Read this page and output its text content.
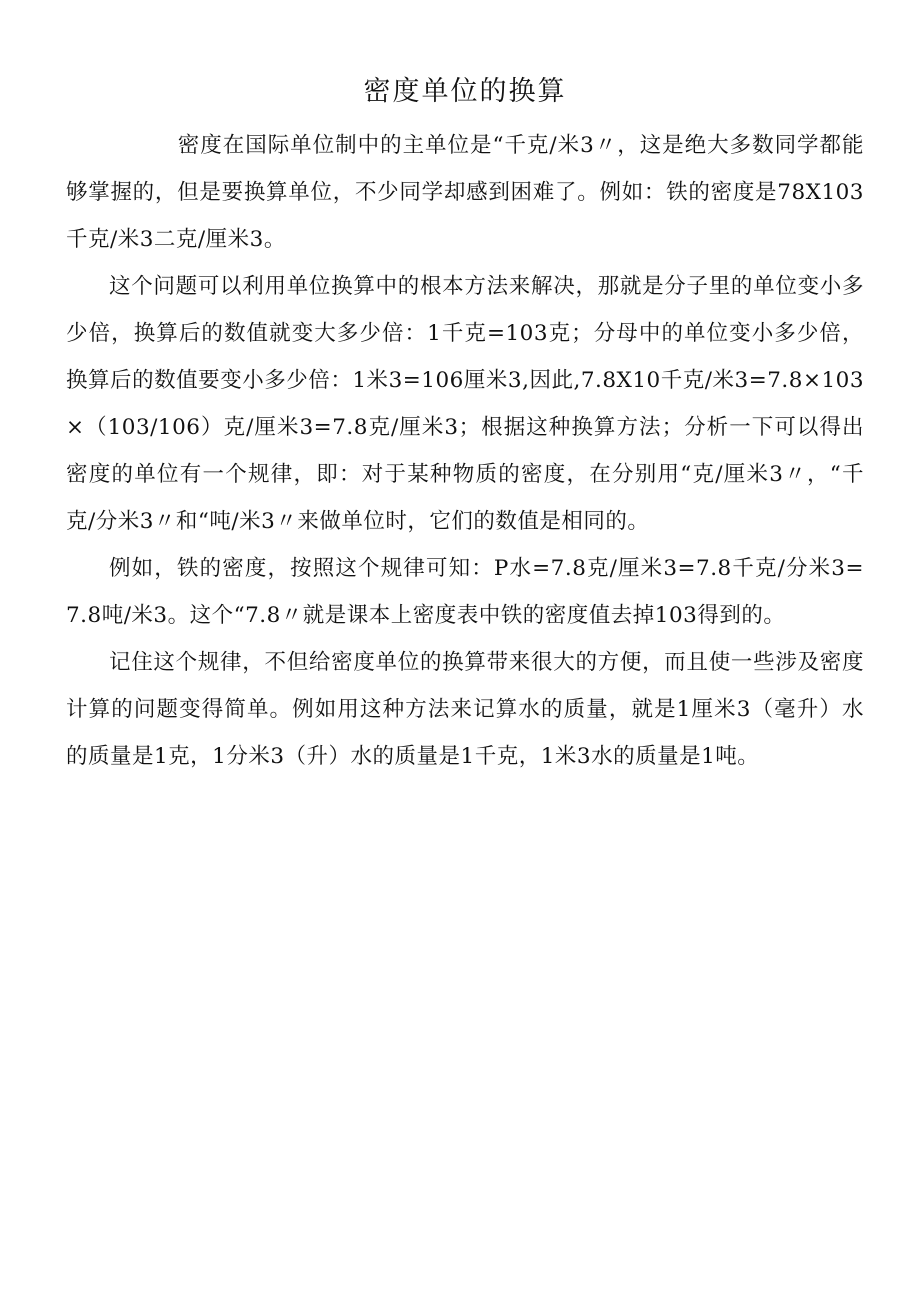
密度单位的换算

密度在国际单位制中的主单位是“千克/米3〃，这是绝大多数同学都能够掌握的，但是要换算单位，不少同学却感到困难了。例如：铁的密度是78X103千克/米3二克/厘米3。

这个问题可以利用单位换算中的根本方法来解决，那就是分子里的单位变小多少倍，换算后的数值就变大多少倍：1千克=103克；分母中的单位变小多少倍，换算后的数值要变小多少倍：1米3=106厘米3,因此,7.8X10千克/米3=7.8×103×（103/106）克/厘米3=7.8克/厘米3；根据这种换算方法；分析一下可以得出密度的单位有一个规律，即：对于某种物质的密度，在分别用“克/厘米3〃，“千克/分米3〃和“吨/米3〃来做单位时，它们的数值是相同的。

例如，铁的密度，按照这个规律可知：P水=7.8克/厘米3=7.8千克/分米3=7.8吨/米3。这个“7.8〃就是课本上密度表中铁的密度值去掉103得到的。

记住这个规律，不但给密度单位的换算带来很大的方便，而且使一些涉及密度计算的问题变得简单。例如用这种方法来记算水的质量，就是1厘米3（毫升）水的质量是1克，1分米3（升）水的质量是1千克，1米3水的质量是1吨。
